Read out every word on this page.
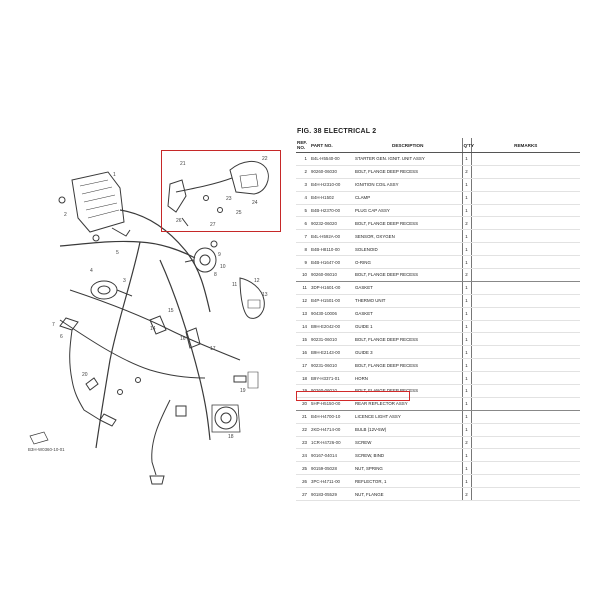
1
2
3
4
5
6
7
8
9
10
11
12
13
14
15
16
17
18
19
20
21
22
23
24
25
26
27
B3H-W0360-10-01
FIG. 38 ELECTRICAL 2
REF. NO.	PART NO.	DESCRIPTION	Q'TY	REMARKS
1	B4L-H5540-00	STARTER GEN. IGNIT. UNIT ASSY	1	
2	90260-06030	BOLT, FLANGE DEEP RECESS	2	
3	B4H-H2310-00	IGNITION COIL ASSY	1	
4	B4H-H1502	CLAMP	1	
5	B4B-H2370-00	PLUG CAP ASSY	1	
6	90232-06020	BOLT, FLANGE DEEP RECESS	2	
7	B4L-H592A-00	SENSOR, OXYGEN	1	
8	B4B-H8110-00	SOLENOID	1	
9	B4B-H1647-00	O-RING	1	
10	90260-06010	BOLT, FLANGE DEEP RECESS	2	
11	3DP-H1601-00	GASKET	1	
12	B4P-H1501-00	THERMO UNIT	1	
13	90430-10006	GASKET	1	
14	B9H-E2042-00	GUIDE 1	1	
15	90231-06010	BOLT, FLANGE DEEP RECESS	1	
16	B9H-E2143-00	GUIDE 3	1	
17	90231-06010	BOLT, FLANGE DEEP RECESS	1	
18	B9Y-H3371-01	HORN	1	
19	90260-06010	BOLT, FLANGE DEEP RECESS	1	
20	5HP-H5150-00	REAR REFLECTOR ASSY	1	
21	B4H-H4700-10	LICENCE LIGHT ASSY	1	
22	2KD-H4714-00	BULB (12V-5W)	1	
23	1CR-H4726-00	SCREW	2	
24	90167-04014	SCREW, BIND	1	
25	90159-05028	NUT, SPRING	1	
26	3PC-H4711-00	REFLECTOR, 1	1	
27	90183-05529	NUT, FLANGE	2	
